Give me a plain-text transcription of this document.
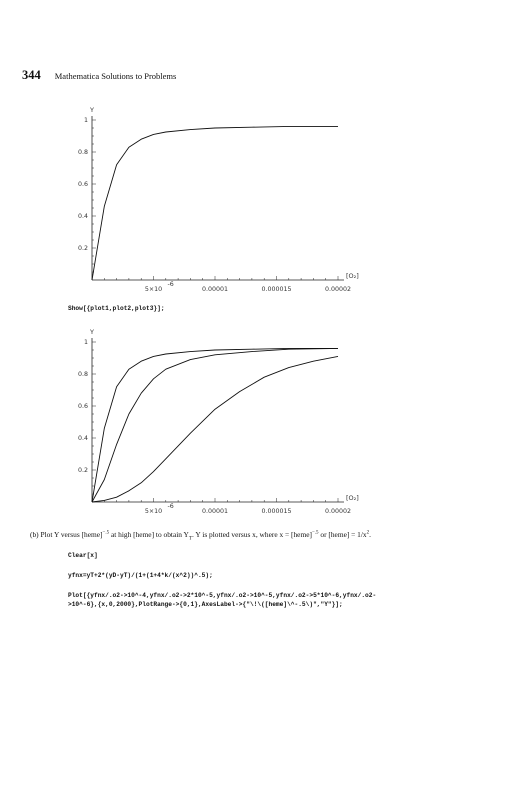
344 Mathematica Solutions to Problems
5×10
-6
0.00001	0.000015	0.00002
0.2
0.4
0.6
0.8
1
Y
[O₂]
Show[{plot1,plot2,plot3}];
5×10
-6
0.00001	0.000015	0.00002
0.2
0.4
0.6
0.8
1
Y
[O₂]
(b) Plot Y versus [heme]$^{-.5}$ at high [heme] to obtain $Y_T$. Y is plotted versus x, where x = [heme]$^{-.5}$ or [heme] = $1/x^2$.
Clear[x]
yfnx=yT+2*(yD-yT)/(1+(1+4*k/(x^2))^.5);
Plot[{yfnx/.o2->10^-4,yfnx/.o2->2*10^-5,yfnx/.o2->10^-5,yfnx/.o2->5*10^-6,yfnx/.o2-
>10^-6},{x,0,2000},PlotRange->{0,1},AxesLabel->{"\!\([heme]\^-.5\)","Y"}];
